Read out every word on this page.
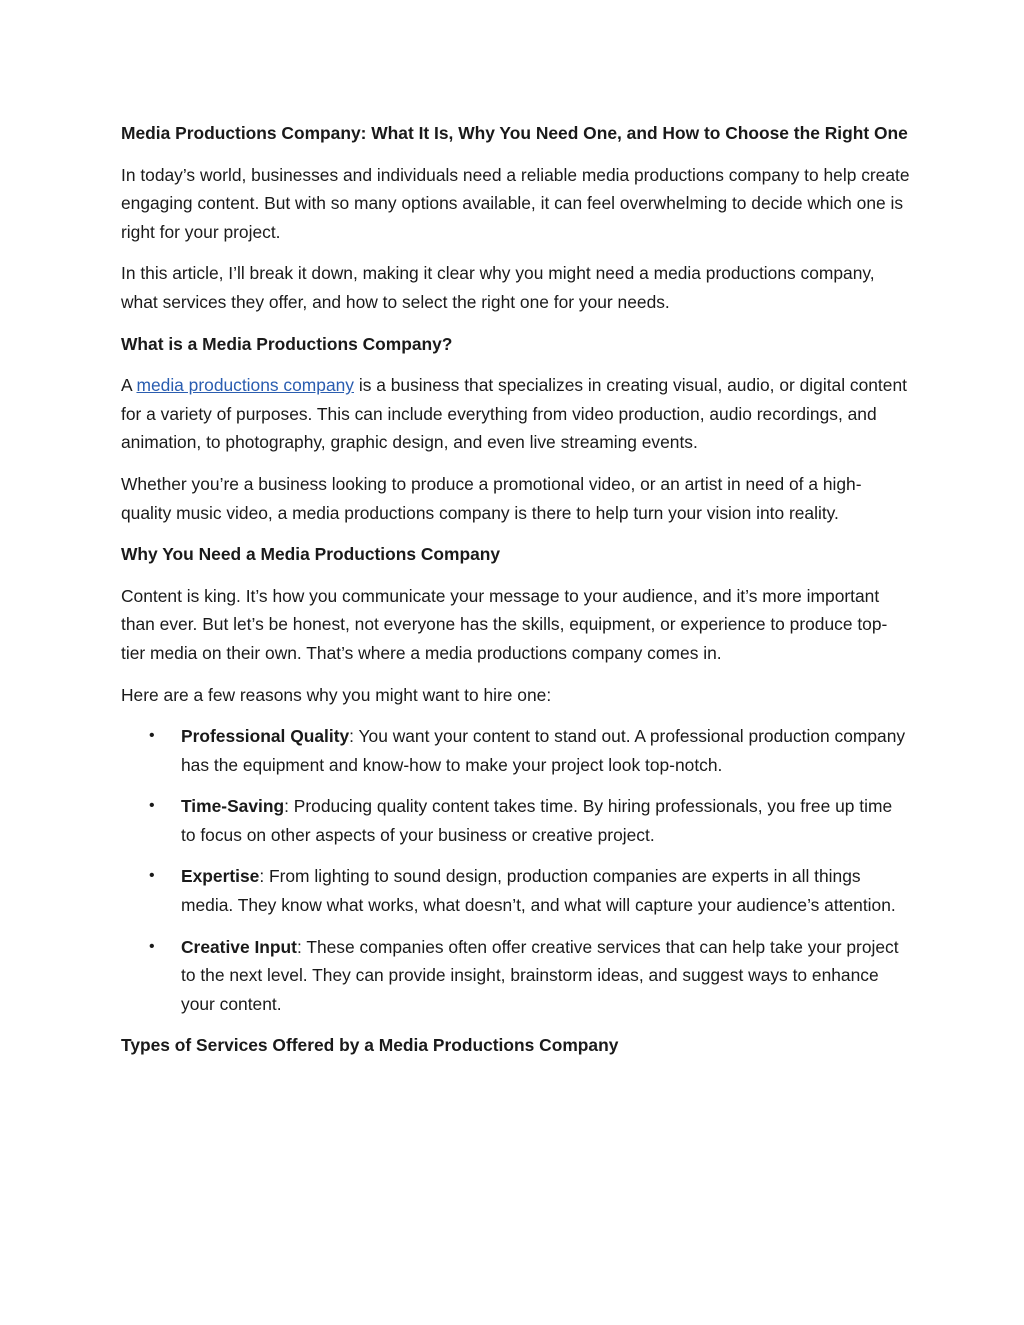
Media Productions Company: What It Is, Why You Need One, and How to Choose the Right One

In today’s world, businesses and individuals need a reliable media productions company to help create engaging content. But with so many options available, it can feel overwhelming to decide which one is right for your project.

In this article, I’ll break it down, making it clear why you might need a media productions company, what services they offer, and how to select the right one for your needs.

What is a Media Productions Company?

A media productions company is a business that specializes in creating visual, audio, or digital content for a variety of purposes. This can include everything from video production, audio recordings, and animation, to photography, graphic design, and even live streaming events.

Whether you’re a business looking to produce a promotional video, or an artist in need of a high-quality music video, a media productions company is there to help turn your vision into reality.

Why You Need a Media Productions Company

Content is king. It’s how you communicate your message to your audience, and it’s more important than ever. But let’s be honest, not everyone has the skills, equipment, or experience to produce top-tier media on their own. That’s where a media productions company comes in.

Here are a few reasons why you might want to hire one:

• Professional Quality: You want your content to stand out. A professional production company has the equipment and know-how to make your project look top-notch.
• Time-Saving: Producing quality content takes time. By hiring professionals, you free up time to focus on other aspects of your business or creative project.
• Expertise: From lighting to sound design, production companies are experts in all things media. They know what works, what doesn’t, and what will capture your audience’s attention.
• Creative Input: These companies often offer creative services that can help take your project to the next level. They can provide insight, brainstorm ideas, and suggest ways to enhance your content.

Types of Services Offered by a Media Productions Company
